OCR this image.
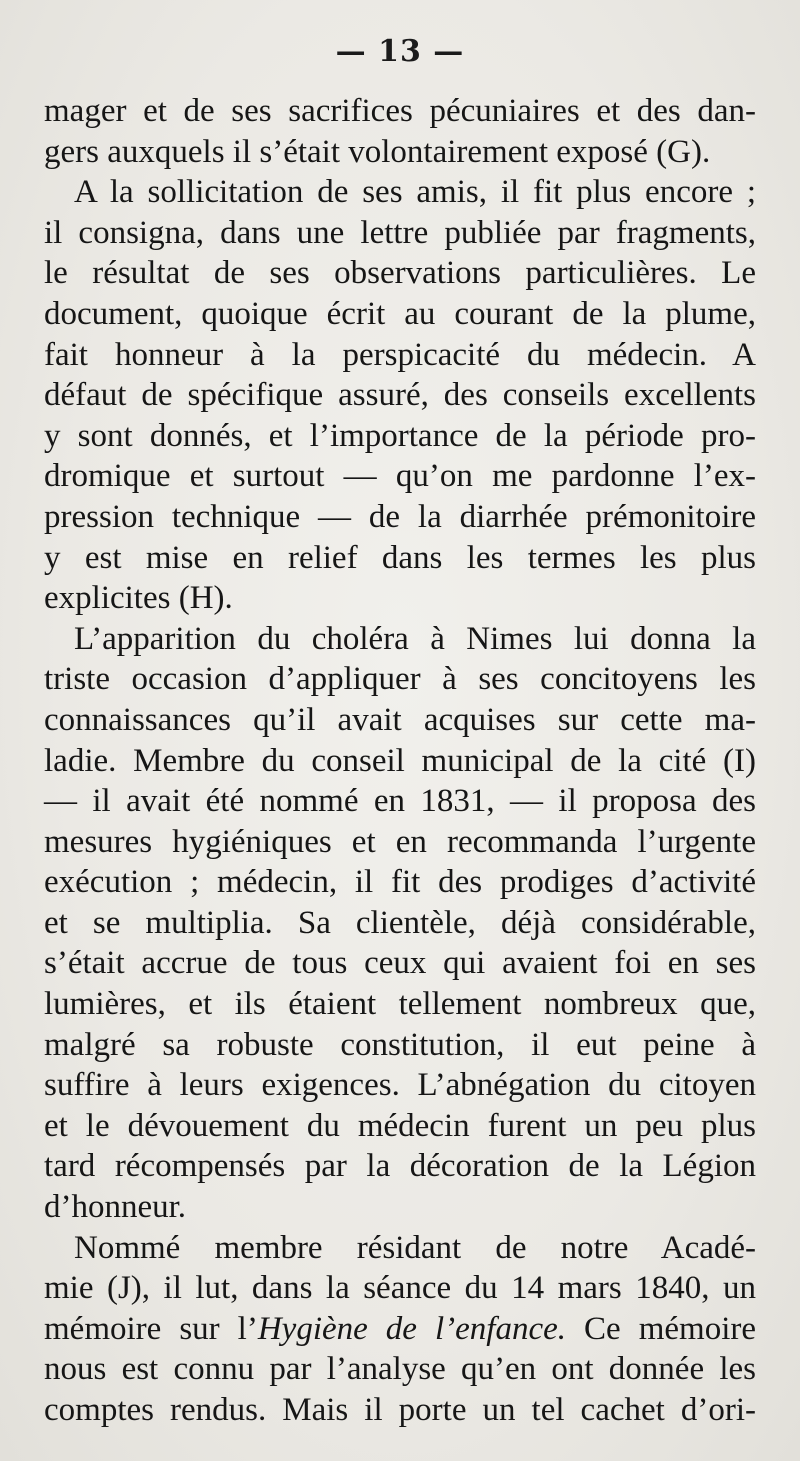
— 13 —
mager et de ses sacrifices pécuniaires et des dan-
gers auxquels il s’était volontairement exposé (G).
A la sollicitation de ses amis, il fit plus encore ;
il consigna, dans une lettre publiée par fragments,
le résultat de ses observations particulières. Le
document, quoique écrit au courant de la plume,
fait honneur à la perspicacité du médecin. A
défaut de spécifique assuré, des conseils excellents
y sont donnés, et l’importance de la période pro-
dromique et surtout — qu’on me pardonne l’ex-
pression technique — de la diarrhée prémonitoire
y est mise en relief dans les termes les plus
explicites (H).
L’apparition du choléra à Nimes lui donna la
triste occasion d’appliquer à ses concitoyens les
connaissances qu’il avait acquises sur cette ma-
ladie. Membre du conseil municipal de la cité (I)
— il avait été nommé en 1831, — il proposa des
mesures hygiéniques et en recommanda l’urgente
exécution ; médecin, il fit des prodiges d’activité
et se multiplia. Sa clientèle, déjà considérable,
s’était accrue de tous ceux qui avaient foi en ses
lumières, et ils étaient tellement nombreux que,
malgré sa robuste constitution, il eut peine à
suffire à leurs exigences. L’abnégation du citoyen
et le dévouement du médecin furent un peu plus
tard récompensés par la décoration de la Légion
d’honneur.
Nommé membre résidant de notre Acadé-
mie (J), il lut, dans la séance du 14 mars 1840, un
mémoire sur l’Hygiène de l’enfance. Ce mémoire
nous est connu par l’analyse qu’en ont donnée les
comptes rendus. Mais il porte un tel cachet d’ori-
